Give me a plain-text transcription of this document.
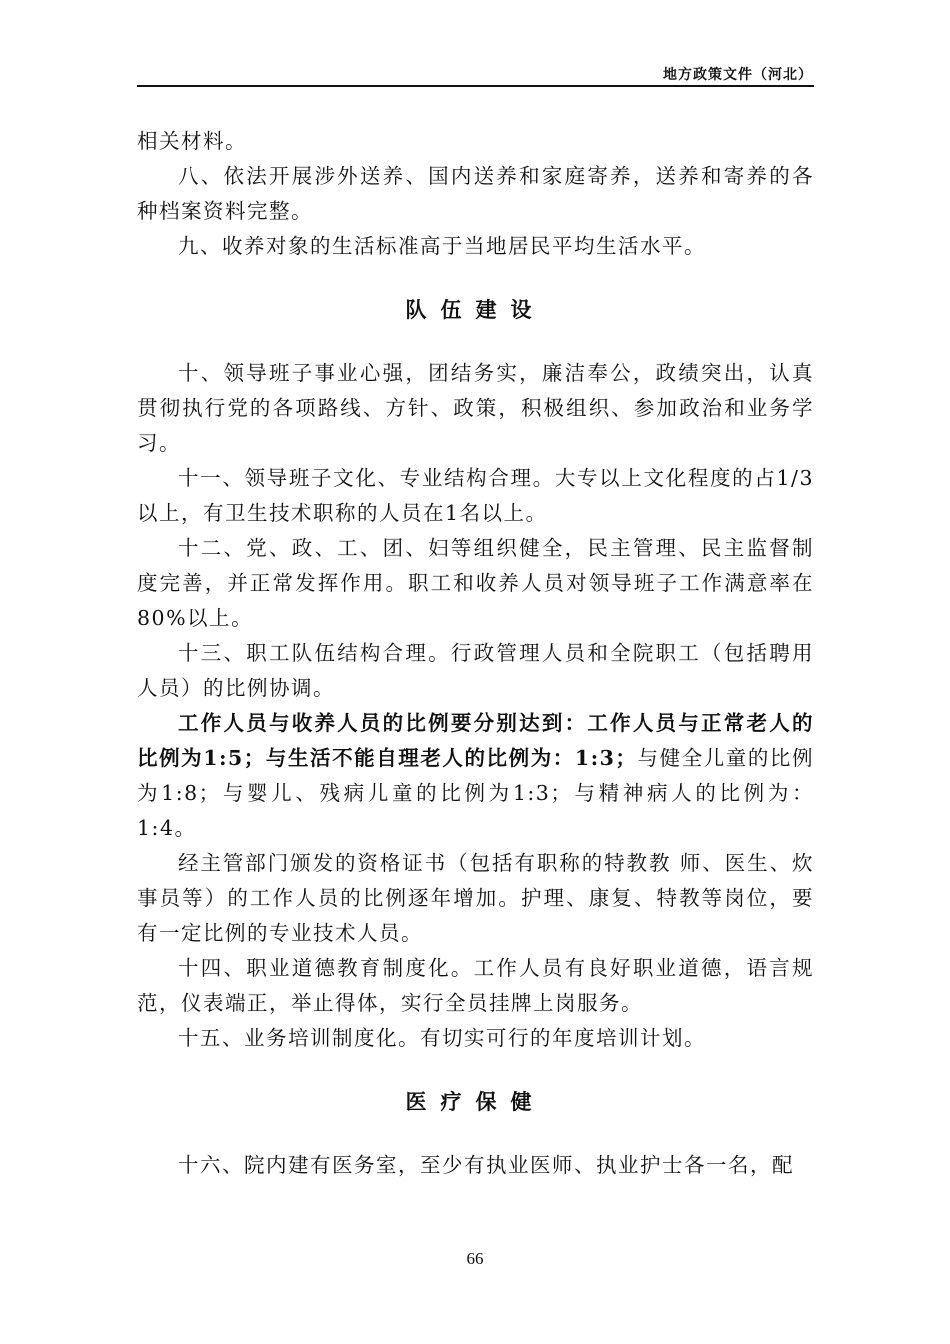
地方政策文件（河北）

相关材料。

八、依法开展涉外送养、国内送养和家庭寄养，送养和寄养的各种档案资料完整。

九、收养对象的生活标准高于当地居民平均生活水平。

队伍建设

十、领导班子事业心强，团结务实，廉洁奉公，政绩突出，认真贯彻执行党的各项路线、方针、政策，积极组织、参加政治和业务学习。

十一、领导班子文化、专业结构合理。大专以上文化程度的占1/3以上，有卫生技术职称的人员在1名以上。

十二、党、政、工、团、妇等组织健全，民主管理、民主监督制度完善，并正常发挥作用。职工和收养人员对领导班子工作满意率在80%以上。

十三、职工队伍结构合理。行政管理人员和全院职工（包括聘用人员）的比例协调。

工作人员与收养人员的比例要分别达到：工作人员与正常老人的比例为1:5；与生活不能自理老人的比例为：1:3；与健全儿童的比例为1:8；与婴儿、残病儿童的比例为1:3；与精神病人的比例为：1:4。

经主管部门颁发的资格证书（包括有职称的特教教 师、医生、炊事员等）的工作人员的比例逐年增加。护理、康复、特教等岗位，要有一定比例的专业技术人员。

十四、职业道德教育制度化。工作人员有良好职业道德，语言规范，仪表端正，举止得体，实行全员挂牌上岗服务。

十五、业务培训制度化。有切实可行的年度培训计划。

医疗保健

十六、院内建有医务室，至少有执业医师、执业护士各一名，配

66
